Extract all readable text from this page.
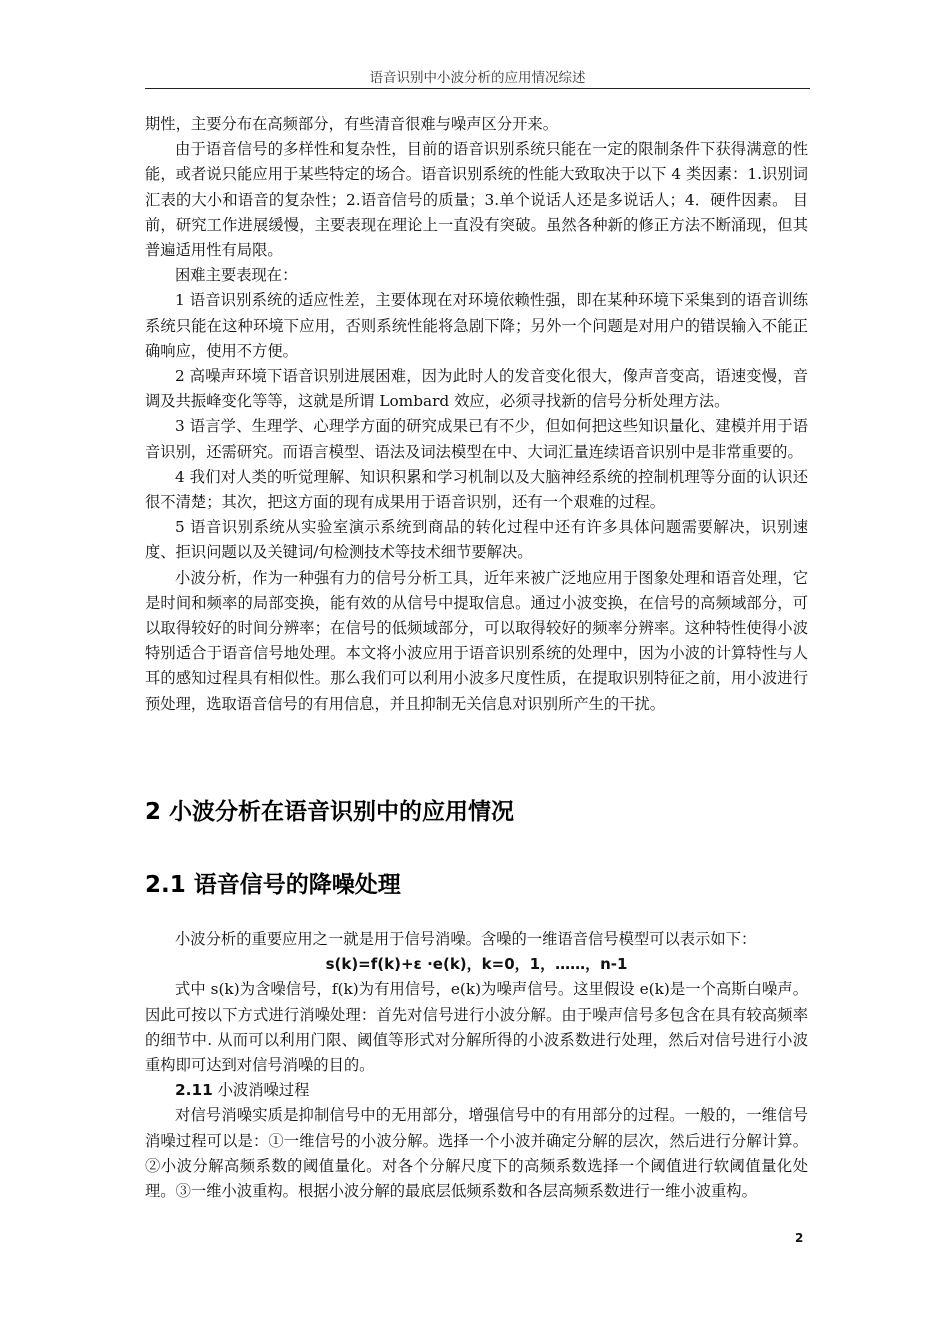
语音识别中小波分析的应用情况综述

期性，主要分布在高频部分，有些清音很难与噪声区分开来。

由于语音信号的多样性和复杂性，目前的语音识别系统只能在一定的限制条件下获得满意的性能，或者说只能应用于某些特定的场合。语音识别系统的性能大致取决于以下 4 类因素：1.识别词汇表的大小和语音的复杂性；2.语音信号的质量；3.单个说话人还是多说话人；4．硬件因素。 目前，研究工作进展缓慢，主要表现在理论上一直没有突破。虽然各种新的修正方法不断涌现，但其普遍适用性有局限。

困难主要表现在：

1 语音识别系统的适应性差，主要体现在对环境依赖性强，即在某种环境下采集到的语音训练系统只能在这种环境下应用，否则系统性能将急剧下降；另外一个问题是对用户的错误输入不能正确响应，使用不方便。

2 高噪声环境下语音识别进展困难，因为此时人的发音变化很大，像声音变高，语速变慢，音调及共振峰变化等等，这就是所谓 Lombard 效应，必须寻找新的信号分析处理方法。

3 语言学、生理学、心理学方面的研究成果已有不少，但如何把这些知识量化、建模并用于语音识别，还需研究。而语言模型、语法及词法模型在中、大词汇量连续语音识别中是非常重要的。

4 我们对人类的听觉理解、知识积累和学习机制以及大脑神经系统的控制机理等分面的认识还很不清楚；其次，把这方面的现有成果用于语音识别，还有一个艰难的过程。

5 语音识别系统从实验室演示系统到商品的转化过程中还有许多具体问题需要解决，识别速度、拒识问题以及关键词/句检测技术等技术细节要解决。

小波分析，作为一种强有力的信号分析工具，近年来被广泛地应用于图象处理和语音处理，它是时间和频率的局部变换，能有效的从信号中提取信息。通过小波变换，在信号的高频域部分，可以取得较好的时间分辨率；在信号的低频域部分，可以取得较好的频率分辨率。这种特性使得小波特别适合于语音信号地处理。本文将小波应用于语音识别系统的处理中，因为小波的计算特性与人耳的感知过程具有相似性。那么我们可以利用小波多尺度性质，在提取识别特征之前，用小波进行预处理，选取语音信号的有用信息，并且抑制无关信息对识别所产生的干扰。

2 小波分析在语音识别中的应用情况
2.1 语音信号的降噪处理

小波分析的重要应用之一就是用于信号消噪。含噪的一维语音信号模型可以表示如下：

s(k)=f(k)+ε ·e(k)，k=0，1，……，n-1

式中 s(k)为含噪信号，f(k)为有用信号，e(k)为噪声信号。这里假设 e(k)是一个高斯白噪声。因此可按以下方式进行消噪处理：首先对信号进行小波分解。由于噪声信号多包含在具有较高频率的细节中. 从而可以利用门限、阈值等形式对分解所得的小波系数进行处理，然后对信号进行小波重构即可达到对信号消噪的目的。

2.11 小波消噪过程

对信号消噪实质是抑制信号中的无用部分，增强信号中的有用部分的过程。一般的，一维信号消噪过程可以是：①一维信号的小波分解。选择一个小波并确定分解的层次，然后进行分解计算。②小波分解高频系数的阈值量化。对各个分解尺度下的高频系数选择一个阈值进行软阈值量化处理。③一维小波重构。根据小波分解的最底层低频系数和各层高频系数进行一维小波重构。

2
